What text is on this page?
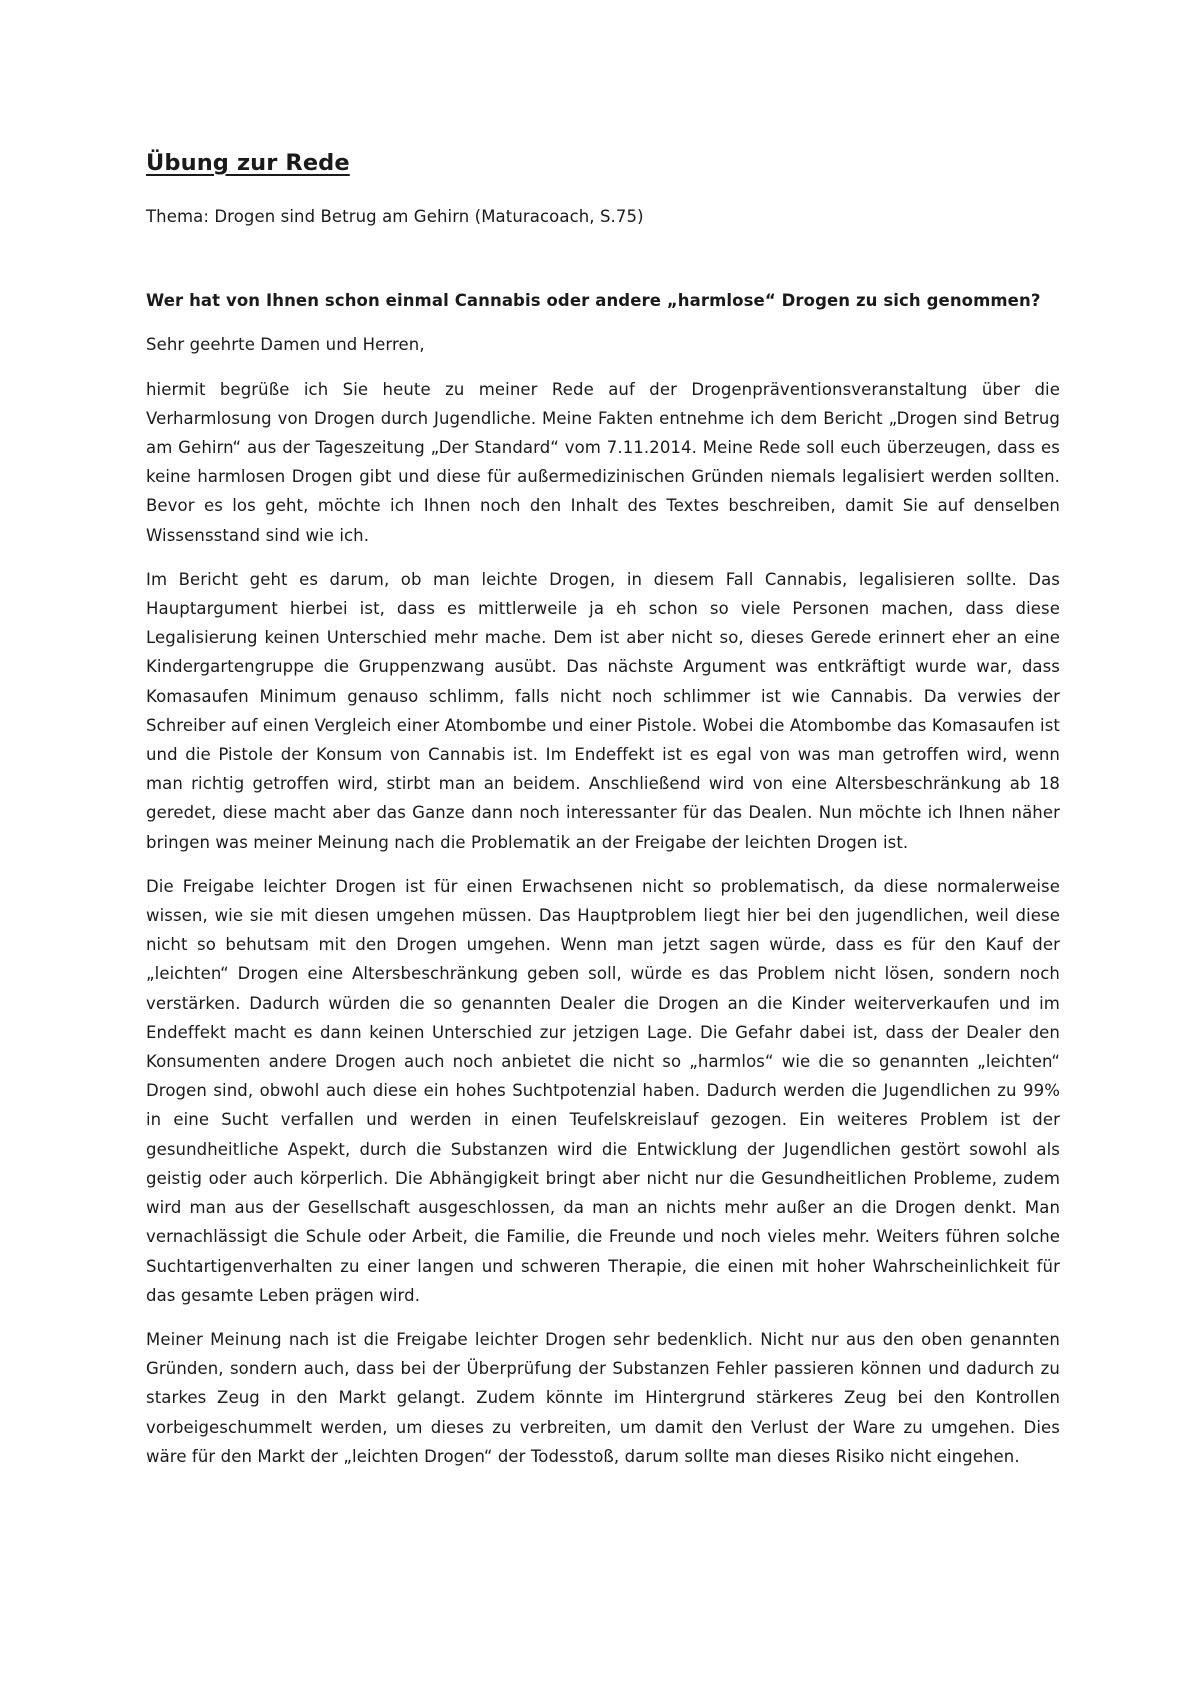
Übung zur Rede

Thema: Drogen sind Betrug am Gehirn (Maturacoach, S.75)

Wer hat von Ihnen schon einmal Cannabis oder andere „harmlose“ Drogen zu sich genommen?

Sehr geehrte Damen und Herren,

hiermit begrüße ich Sie heute zu meiner Rede auf der Drogenpräventionsveranstaltung über die Verharmlosung von Drogen durch Jugendliche. Meine Fakten entnehme ich dem Bericht „Drogen sind Betrug am Gehirn“ aus der Tageszeitung „Der Standard“ vom 7.11.2014. Meine Rede soll euch überzeugen, dass es keine harmlosen Drogen gibt und diese für außermedizinischen Gründen niemals legalisiert werden sollten. Bevor es los geht, möchte ich Ihnen noch den Inhalt des Textes beschreiben, damit Sie auf denselben Wissensstand sind wie ich.

Im Bericht geht es darum, ob man leichte Drogen, in diesem Fall Cannabis, legalisieren sollte. Das Hauptargument hierbei ist, dass es mittlerweile ja eh schon so viele Personen machen, dass diese Legalisierung keinen Unterschied mehr mache. Dem ist aber nicht so, dieses Gerede erinnert eher an eine Kindergartengruppe die Gruppenzwang ausübt. Das nächste Argument was entkräftigt wurde war, dass Komasaufen Minimum genauso schlimm, falls nicht noch schlimmer ist wie Cannabis. Da verwies der Schreiber auf einen Vergleich einer Atombombe und einer Pistole. Wobei die Atombombe das Komasaufen ist und die Pistole der Konsum von Cannabis ist. Im Endeffekt ist es egal von was man getroffen wird, wenn man richtig getroffen wird, stirbt man an beidem. Anschließend wird von eine Altersbeschränkung ab 18 geredet, diese macht aber das Ganze dann noch interessanter für das Dealen. Nun möchte ich Ihnen näher bringen was meiner Meinung nach die Problematik an der Freigabe der leichten Drogen ist.

Die Freigabe leichter Drogen ist für einen Erwachsenen nicht so problematisch, da diese normalerweise wissen, wie sie mit diesen umgehen müssen. Das Hauptproblem liegt hier bei den jugendlichen, weil diese nicht so behutsam mit den Drogen umgehen. Wenn man jetzt sagen würde, dass es für den Kauf der „leichten“ Drogen eine Altersbeschränkung geben soll, würde es das Problem nicht lösen, sondern noch verstärken. Dadurch würden die so genannten Dealer die Drogen an die Kinder weiterverkaufen und im Endeffekt macht es dann keinen Unterschied zur jetzigen Lage. Die Gefahr dabei ist, dass der Dealer den Konsumenten andere Drogen auch noch anbietet die nicht so „harmlos“ wie die so genannten „leichten“ Drogen sind, obwohl auch diese ein hohes Suchtpotenzial haben. Dadurch werden die Jugendlichen zu 99% in eine Sucht verfallen und werden in einen Teufelskreislauf gezogen. Ein weiteres Problem ist der gesundheitliche Aspekt, durch die Substanzen wird die Entwicklung der Jugendlichen gestört sowohl als geistig oder auch körperlich. Die Abhängigkeit bringt aber nicht nur die Gesundheitlichen Probleme, zudem wird man aus der Gesellschaft ausgeschlossen, da man an nichts mehr außer an die Drogen denkt. Man vernachlässigt die Schule oder Arbeit, die Familie, die Freunde und noch vieles mehr. Weiters führen solche Suchtartigenverhalten zu einer langen und schweren Therapie, die einen mit hoher Wahrscheinlichkeit für das gesamte Leben prägen wird.

Meiner Meinung nach ist die Freigabe leichter Drogen sehr bedenklich. Nicht nur aus den oben genannten Gründen, sondern auch, dass bei der Überprüfung der Substanzen Fehler passieren können und dadurch zu starkes Zeug in den Markt gelangt. Zudem könnte im Hintergrund stärkeres Zeug bei den Kontrollen vorbeigeschummelt werden, um dieses zu verbreiten, um damit den Verlust der Ware zu umgehen. Dies wäre für den Markt der „leichten Drogen“ der Todesstoß, darum sollte man dieses Risiko nicht eingehen.
